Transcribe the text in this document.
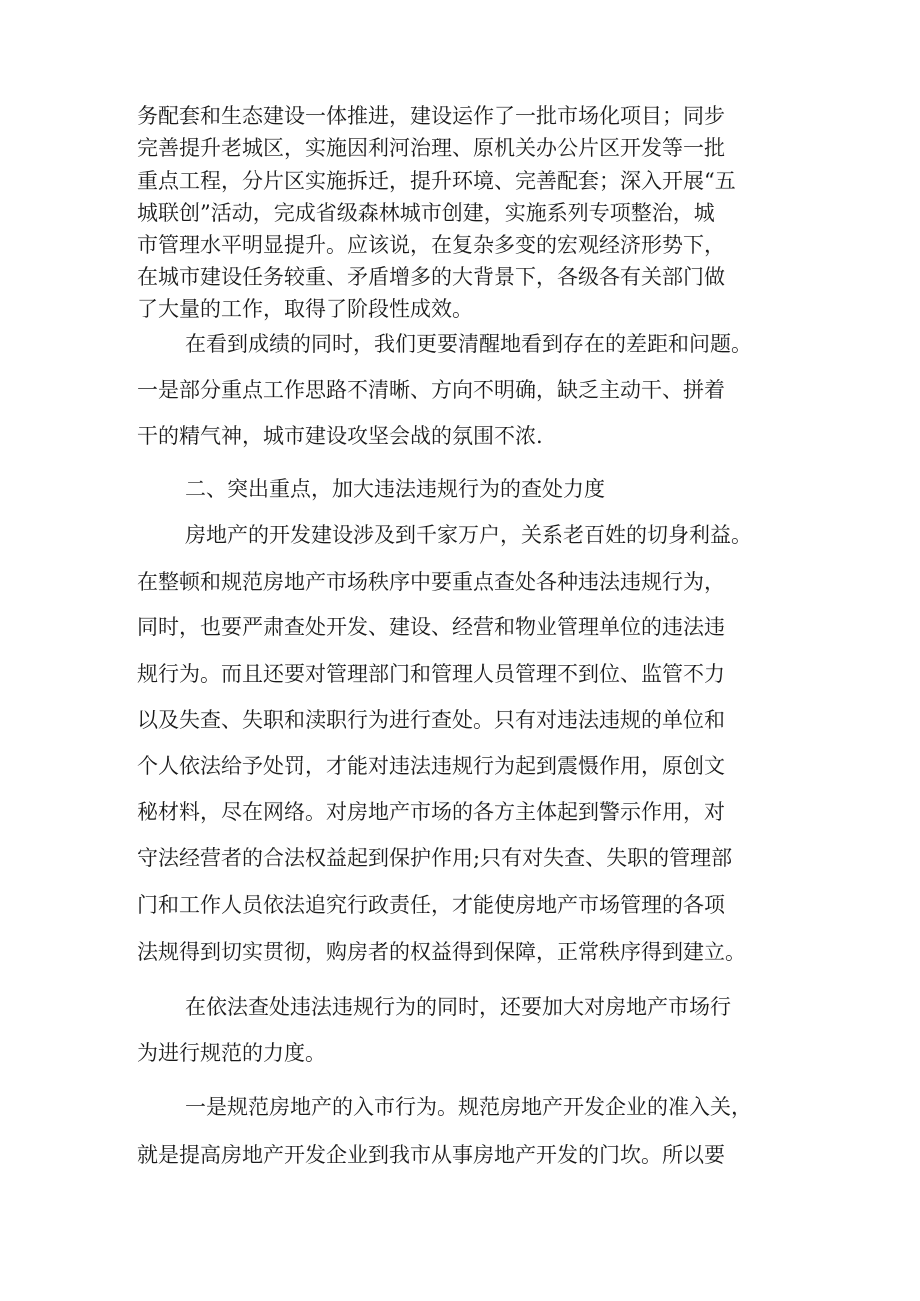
务配套和生态建设一体推进，建设运作了一批市场化项目；同步
完善提升老城区，实施因利河治理、原机关办公片区开发等一批
重点工程，分片区实施拆迁，提升环境、完善配套；深入开展“五
城联创”活动，完成省级森林城市创建，实施系列专项整治，城
市管理水平明显提升。应该说，在复杂多变的宏观经济形势下，
在城市建设任务较重、矛盾增多的大背景下，各级各有关部门做
了大量的工作，取得了阶段性成效。
在看到成绩的同时，我们更要清醒地看到存在的差距和问题。
一是部分重点工作思路不清晰、方向不明确，缺乏主动干、拼着
干的精气神，城市建设攻坚会战的氛围不浓.
二、突出重点，加大违法违规行为的查处力度
房地产的开发建设涉及到千家万户，关系老百姓的切身利益。
在整顿和规范房地产市场秩序中要重点查处各种违法违规行为，
同时，也要严肃查处开发、建设、经营和物业管理单位的违法违
规行为。而且还要对管理部门和管理人员管理不到位、监管不力
以及失查、失职和渎职行为进行查处。只有对违法违规的单位和
个人依法给予处罚，才能对违法违规行为起到震慑作用，原创文
秘材料，尽在网络。对房地产市场的各方主体起到警示作用，对
守法经营者的合法权益起到保护作用;只有对失查、失职的管理部
门和工作人员依法追究行政责任，才能使房地产市场管理的各项
法规得到切实贯彻，购房者的权益得到保障，正常秩序得到建立。
在依法查处违法违规行为的同时，还要加大对房地产市场行
为进行规范的力度。
一是规范房地产的入市行为。规范房地产开发企业的准入关，
就是提高房地产开发企业到我市从事房地产开发的门坎。所以要
